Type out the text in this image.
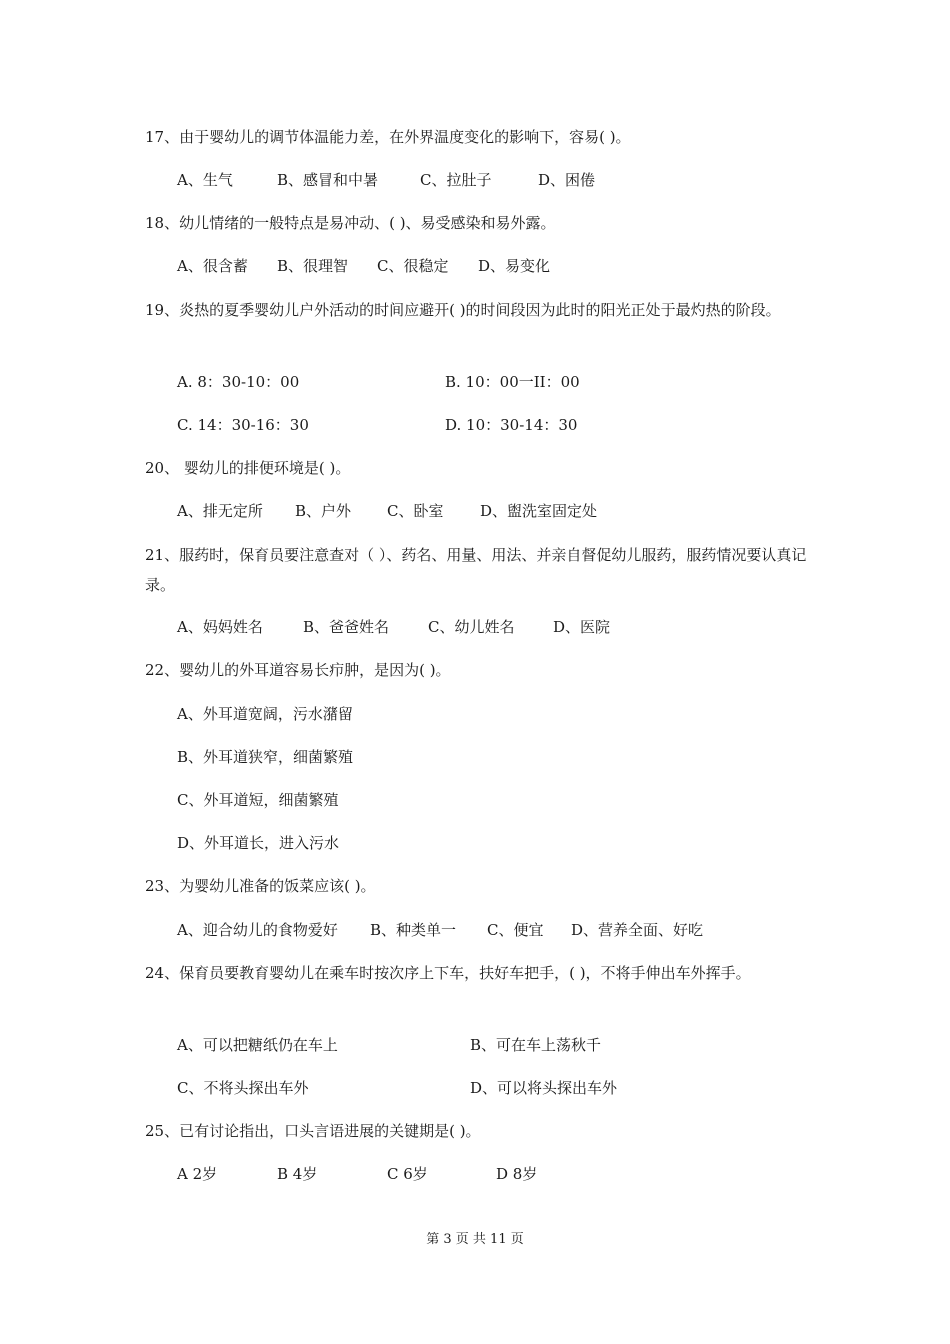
17、由于婴幼儿的调节体温能力差，在外界温度变化的影响下，容易( )。

A、生气	B、感冒和中暑	C、拉肚子	D、困倦

18、幼儿情绪的一般特点是易冲动、( )、易受感染和易外露。

A、很含蓄 B、很理智 C、很稳定 D、易变化

19、炎热的夏季婴幼儿户外活动的时间应避开( )的时间段因为此时的阳光正处于最灼热的阶段。

A. 8：30-10：00	B. 10：00一II：00
C. 14：30-16：30	D. 10：30-14：30

20、 婴幼儿的排便环境是( )。

A、排无定所 B、户外 C、卧室 D、盥洗室固定处

21、服药时，保育员要注意查对（ ）、药名、用量、用法、并亲自督促幼儿服药，服药情况要认真记录。

A、妈妈姓名	B、爸爸姓名	C、幼儿姓名	D、医院

22、婴幼儿的外耳道容易长疖肿，是因为( )。

A、外耳道宽阔，污水潴留

B、外耳道狭窄，细菌繁殖

C、外耳道短，细菌繁殖

D、外耳道长，进入污水

23、为婴幼儿准备的饭菜应该( )。

A、迎合幼儿的食物爱好 B、种类单一 C、便宜 D、营养全面、好吃

24、保育员要教育婴幼儿在乘车时按次序上下车，扶好车把手，( )，不将手伸出车外挥手。

A、可以把糖纸仍在车上	B、可在车上荡秋千
C、不将头探出车外	D、可以将头探出车外

25、已有讨论指出，口头言语进展的关键期是( )。

A 2岁	B 4岁	C 6岁	D 8岁
第 3 页 共 11 页
